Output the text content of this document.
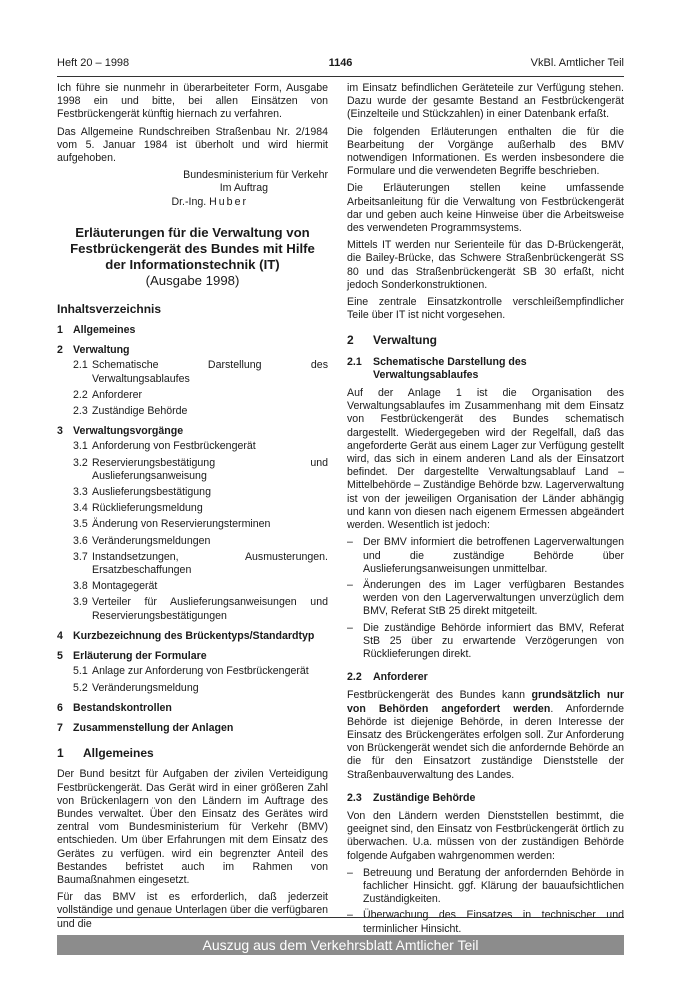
Heft 20 – 1998	1146	VkBl. Amtlicher Teil

Ich führe sie nunmehr in überarbeiteter Form, Ausgabe 1998 ein und bitte, bei allen Einsätzen von Festbrückengerät künftig hiernach zu verfahren.

Das Allgemeine Rundschreiben Straßenbau Nr. 2/1984 vom 5. Januar 1984 ist überholt und wird hiermit aufgehoben.

Bundesministerium für Verkehr

Im Auftrag

Dr.-Ing. Huber

Erläuterungen für die Verwaltung von
Festbrückengerät des Bundes mit Hilfe
der Informationstechnik (IT)
(Ausgabe 1998)
Inhaltsverzeichnis
1 Allgemeines
2 Verwaltung
2.1 Schematische Darstellung des Verwaltungsablaufes
2.2 Anforderer
2.3 Zuständige Behörde
3 Verwaltungsvorgänge
3.1 Anforderung von Festbrückengerät
3.2 Reservierungsbestätigung und Auslieferungsanweisung
3.3 Auslieferungsbestätigung
3.4 Rücklieferungsmeldung
3.5 Änderung von Reservierungsterminen
3.6 Veränderungsmeldungen
3.7 Instandsetzungen, Ausmusterungen. Ersatzbeschaffungen
3.8 Montagegerät
3.9 Verteiler für Auslieferungsanweisungen und Reservierungsbestätigungen
4 Kurzbezeichnung des Brückentyps/Standardtyp
5 Erläuterung der Formulare
5.1 Anlage zur Anforderung von Festbrückengerät
5.2 Veränderungsmeldung
6 Bestandskontrollen
7 Zusammenstellung der Anlagen
1	Allgemeines

Der Bund besitzt für Aufgaben der zivilen Verteidigung Festbrückengerät. Das Gerät wird in einer größeren Zahl von Brückenlagern von den Ländern im Auftrage des Bundes verwaltet. Über den Einsatz des Gerätes wird zentral vom Bundesministerium für Verkehr (BMV) entschieden. Um über Erfahrungen mit dem Einsatz des Gerätes zu verfügen. wird ein begrenzter Anteil des Bestandes befristet auch im Rahmen von Baumaßnahmen eingesetzt.

Für das BMV ist es erforderlich, daß jederzeit vollständige und genaue Unterlagen über die verfügbaren und die

im Einsatz befindlichen Geräteteile zur Verfügung stehen. Dazu wurde der gesamte Bestand an Festbrückengerät (Einzelteile und Stückzahlen) in einer Datenbank erfaßt.

Die folgenden Erläuterungen enthalten die für die Bearbeitung der Vorgänge außerhalb des BMV notwendigen Informationen. Es werden insbesondere die Formulare und die verwendeten Begriffe beschrieben.

Die Erläuterungen stellen keine umfassende Arbeitsanleitung für die Verwaltung von Festbrückengerät dar und geben auch keine Hinweise über die Arbeitsweise des verwendeten Programmsystems.

Mittels IT werden nur Serienteile für das D-Brückengerät, die Bailey-Brücke, das Schwere Straßenbrückengerät SS 80 und das Straßenbrückengerät SB 30 erfaßt, nicht jedoch Sonderkonstruktionen.

Eine zentrale Einsatzkontrolle verschleißempfindlicher Teile über IT ist nicht vorgesehen.

2	Verwaltung
2.1	Schematische Darstellung des Verwaltungsablaufes

Auf der Anlage 1 ist die Organisation des Verwaltungsablaufes im Zusammenhang mit dem Einsatz von Festbrückengerät des Bundes schematisch dargestellt. Wiedergegeben wird der Regelfall, daß das angeforderte Gerät aus einem Lager zur Verfügung gestellt wird, das sich in einem anderen Land als der Einsatzort befindet. Der dargestellte Verwaltungsablauf Land – Mittelbehörde – Zuständige Behörde bzw. Lagerverwaltung ist von der jeweiligen Organisation der Länder abhängig und kann von diesen nach eigenem Ermessen abgeändert werden. Wesentlich ist jedoch:

– Der BMV informiert die betroffenen Lagerverwaltungen und die zuständige Behörde über Auslieferungsanweisungen unmittelbar.
– Änderungen des im Lager verfügbaren Bestandes werden von den Lagerverwaltungen unverzüglich dem BMV, Referat StB 25 direkt mitgeteilt.
– Die zuständige Behörde informiert das BMV, Referat StB 25 über zu erwartende Verzögerungen von Rücklieferungen direkt.
2.2	Anforderer

Festbrückengerät des Bundes kann grundsätzlich nur von Behörden angefordert werden. Anfordernde Behörde ist diejenige Behörde, in deren Interesse der Einsatz des Brückengerätes erfolgen soll. Zur Anforderung von Brückengerät wendet sich die anfordernde Behörde an die für den Einsatzort zuständige Dienststelle der Straßenbauverwaltung des Landes.

2.3	Zuständige Behörde

Von den Ländern werden Dienststellen bestimmt, die geeignet sind, den Einsatz von Festbrückengerät örtlich zu überwachen. U.a. müssen von der zuständigen Behörde folgende Aufgaben wahrgenommen werden:

– Betreuung und Beratung der anfordernden Behörde in fachlicher Hinsicht. ggf. Klärung der bauaufsichtlichen Zuständigkeiten.
– Überwachung des Einsatzes in technischer und terminlicher Hinsicht.
Auszug aus dem Verkehrsblatt Amtlicher Teil
